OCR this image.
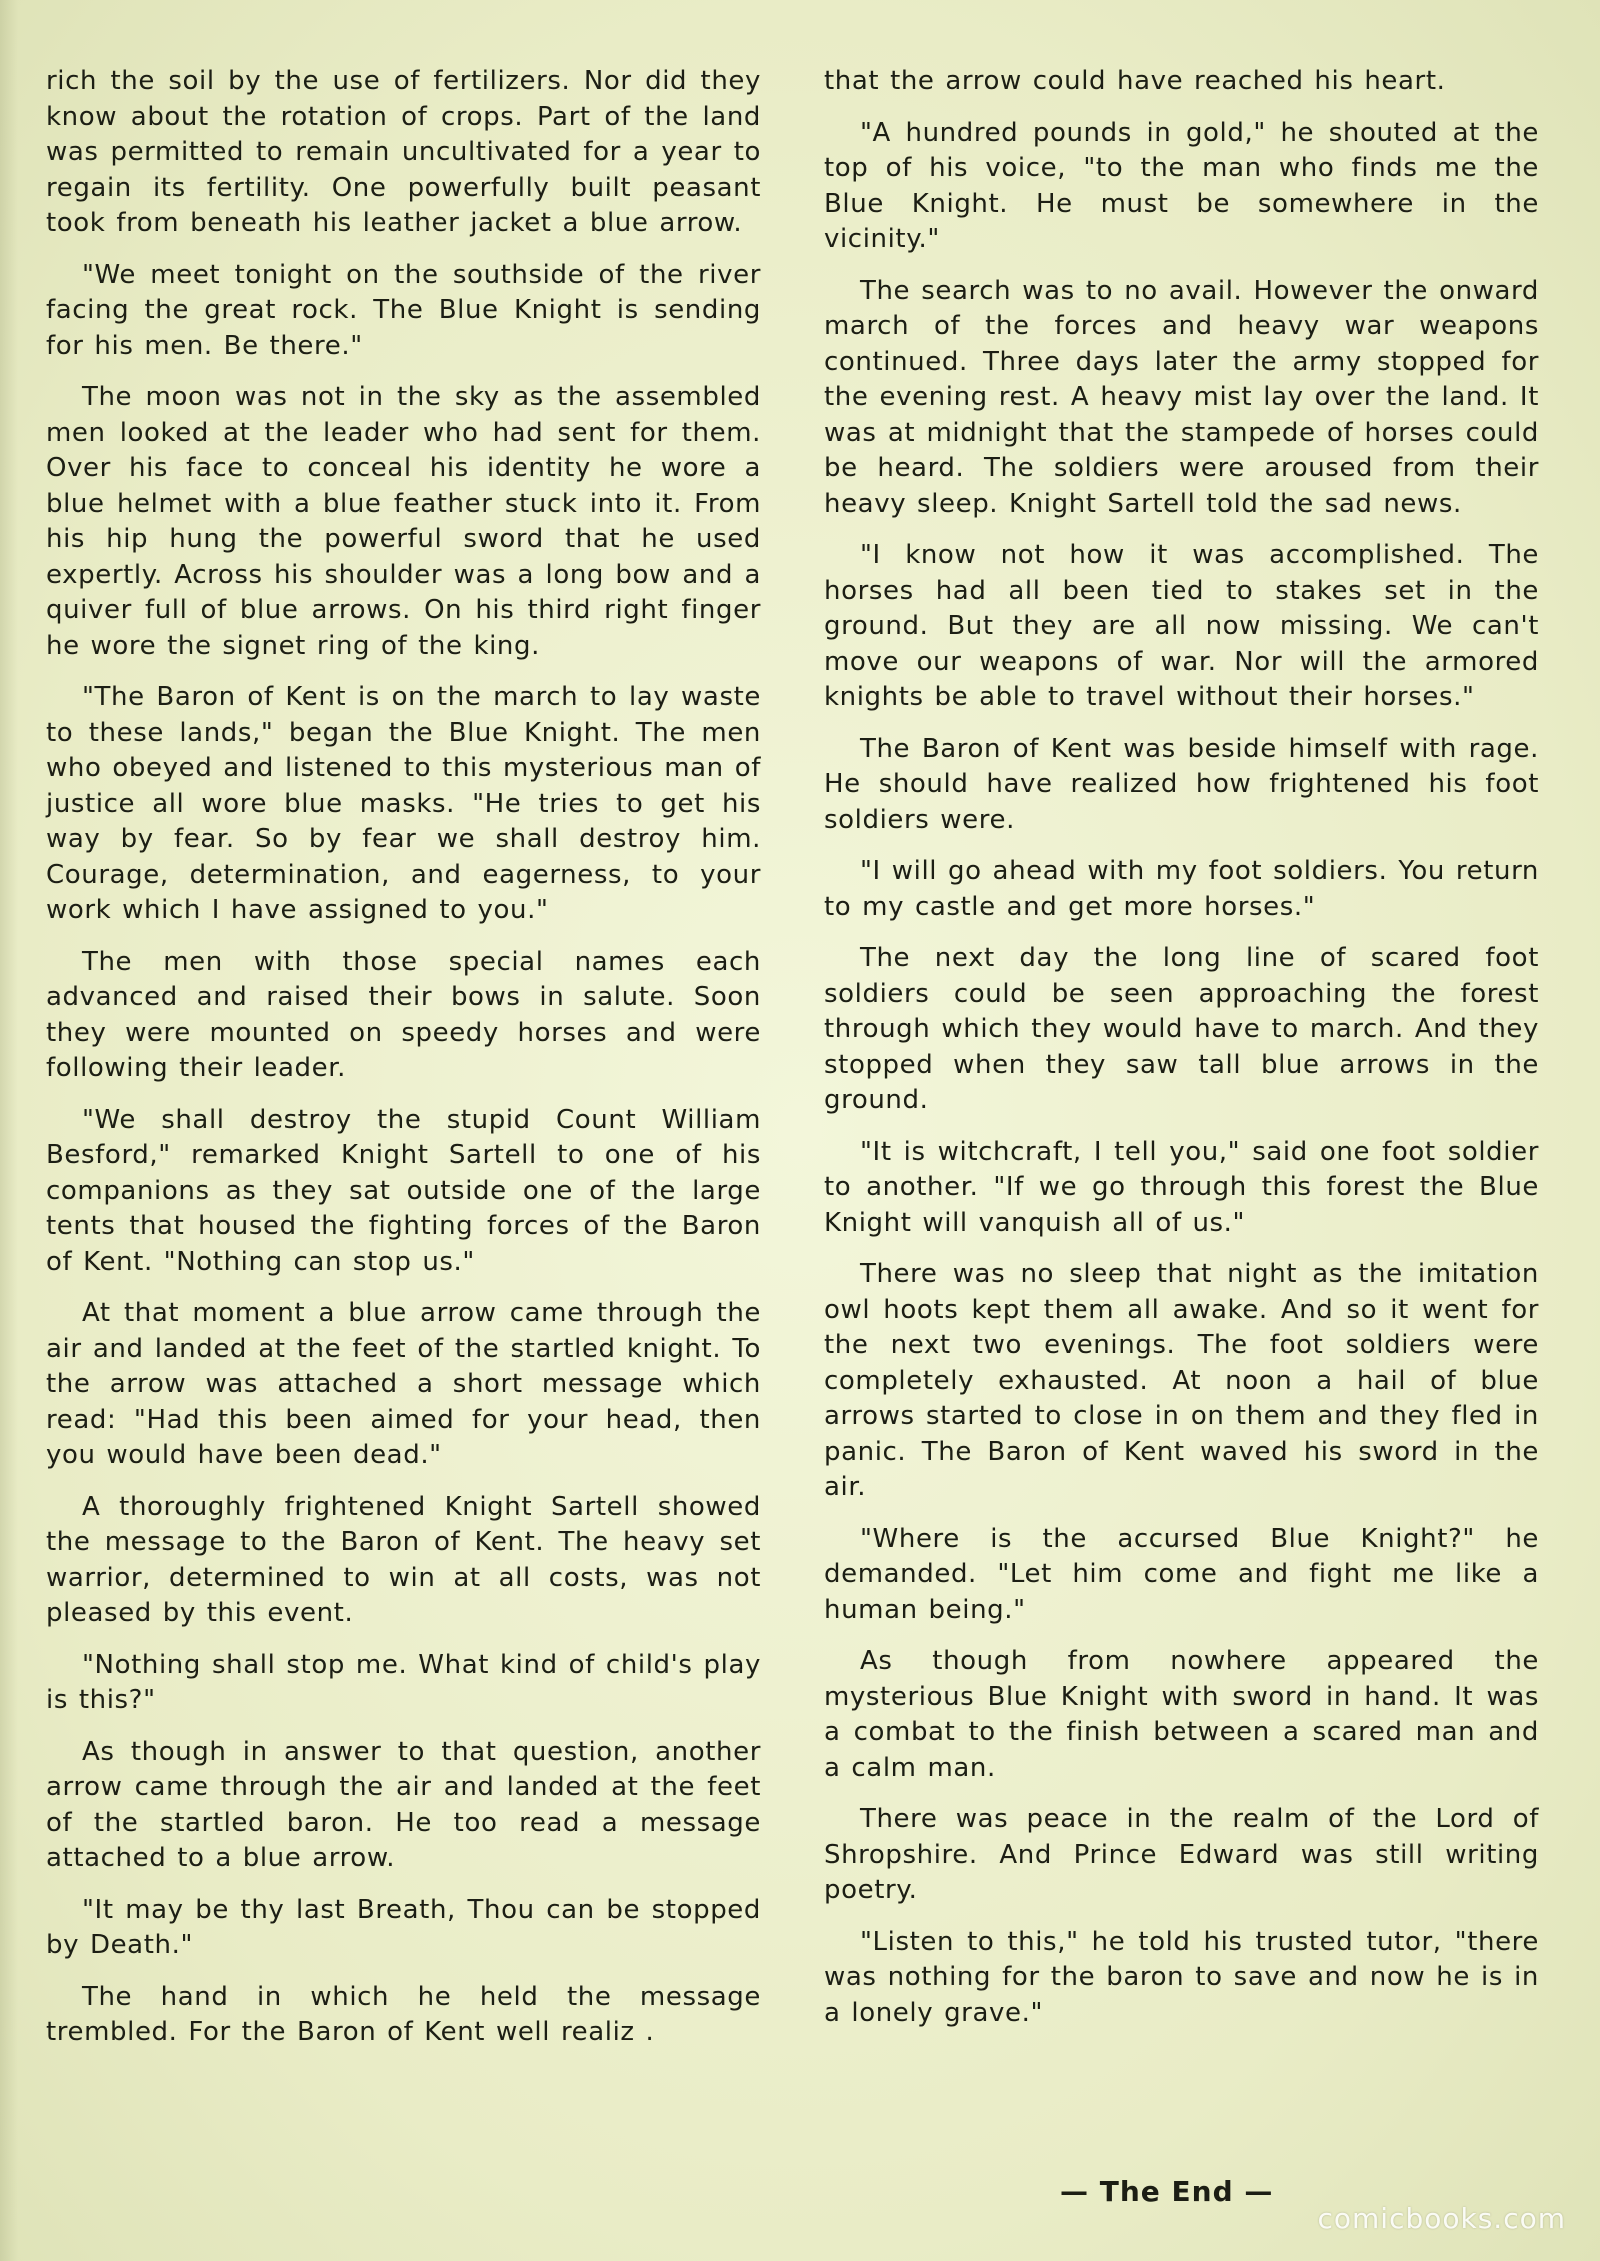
rich the soil by the use of fertilizers. Nor did they know about the rotation of crops. Part of the land was permitted to remain uncultivated for a year to regain its fertility. One powerfully built peasant took from beneath his leather jacket a blue arrow.

"We meet tonight on the southside of the river facing the great rock. The Blue Knight is sending for his men. Be there."

The moon was not in the sky as the assembled men looked at the leader who had sent for them. Over his face to conceal his identity he wore a blue helmet with a blue feather stuck into it. From his hip hung the powerful sword that he used expertly. Across his shoulder was a long bow and a quiver full of blue arrows. On his third right finger he wore the signet ring of the king.

"The Baron of Kent is on the march to lay waste to these lands," began the Blue Knight. The men who obeyed and listened to this mysterious man of justice all wore blue masks. "He tries to get his way by fear. So by fear we shall destroy him. Courage, determination, and eagerness, to your work which I have assigned to you."

The men with those special names each advanced and raised their bows in salute. Soon they were mounted on speedy horses and were following their leader.

"We shall destroy the stupid Count William Besford," remarked Knight Sartell to one of his companions as they sat outside one of the large tents that housed the fighting forces of the Baron of Kent. "Nothing can stop us."

At that moment a blue arrow came through the air and landed at the feet of the startled knight. To the arrow was attached a short message which read: "Had this been aimed for your head, then you would have been dead."

A thoroughly frightened Knight Sartell showed the message to the Baron of Kent. The heavy set warrior, determined to win at all costs, was not pleased by this event.

"Nothing shall stop me. What kind of child's play is this?"

As though in answer to that question, another arrow came through the air and landed at the feet of the startled baron. He too read a message attached to a blue arrow.

"It may be thy last Breath, Thou can be stopped by Death."

The hand in which he held the message trembled. For the Baron of Kent well realiz .

that the arrow could have reached his heart.

"A hundred pounds in gold," he shouted at the top of his voice, "to the man who finds me the Blue Knight. He must be somewhere in the vicinity."

The search was to no avail. However the onward march of the forces and heavy war weapons continued. Three days later the army stopped for the evening rest. A heavy mist lay over the land. It was at midnight that the stampede of horses could be heard. The soldiers were aroused from their heavy sleep. Knight Sartell told the sad news.

"I know not how it was accomplished. The horses had all been tied to stakes set in the ground. But they are all now missing. We can't move our weapons of war. Nor will the armored knights be able to travel without their horses."

The Baron of Kent was beside himself with rage. He should have realized how frightened his foot soldiers were.

"I will go ahead with my foot soldiers. You return to my castle and get more horses."

The next day the long line of scared foot soldiers could be seen approaching the forest through which they would have to march. And they stopped when they saw tall blue arrows in the ground.

"It is witchcraft, I tell you," said one foot soldier to another. "If we go through this forest the Blue Knight will vanquish all of us."

There was no sleep that night as the imitation owl hoots kept them all awake. And so it went for the next two evenings. The foot soldiers were completely exhausted. At noon a hail of blue arrows started to close in on them and they fled in panic. The Baron of Kent waved his sword in the air.

"Where is the accursed Blue Knight?" he demanded. "Let him come and fight me like a human being."

As though from nowhere appeared the mysterious Blue Knight with sword in hand. It was a combat to the finish between a scared man and a calm man.

There was peace in the realm of the Lord of Shropshire. And Prince Edward was still writing poetry.

"Listen to this," he told his trusted tutor, "there was nothing for the baron to save and now he is in a lonely grave."

— The End —
comicbooks.com
